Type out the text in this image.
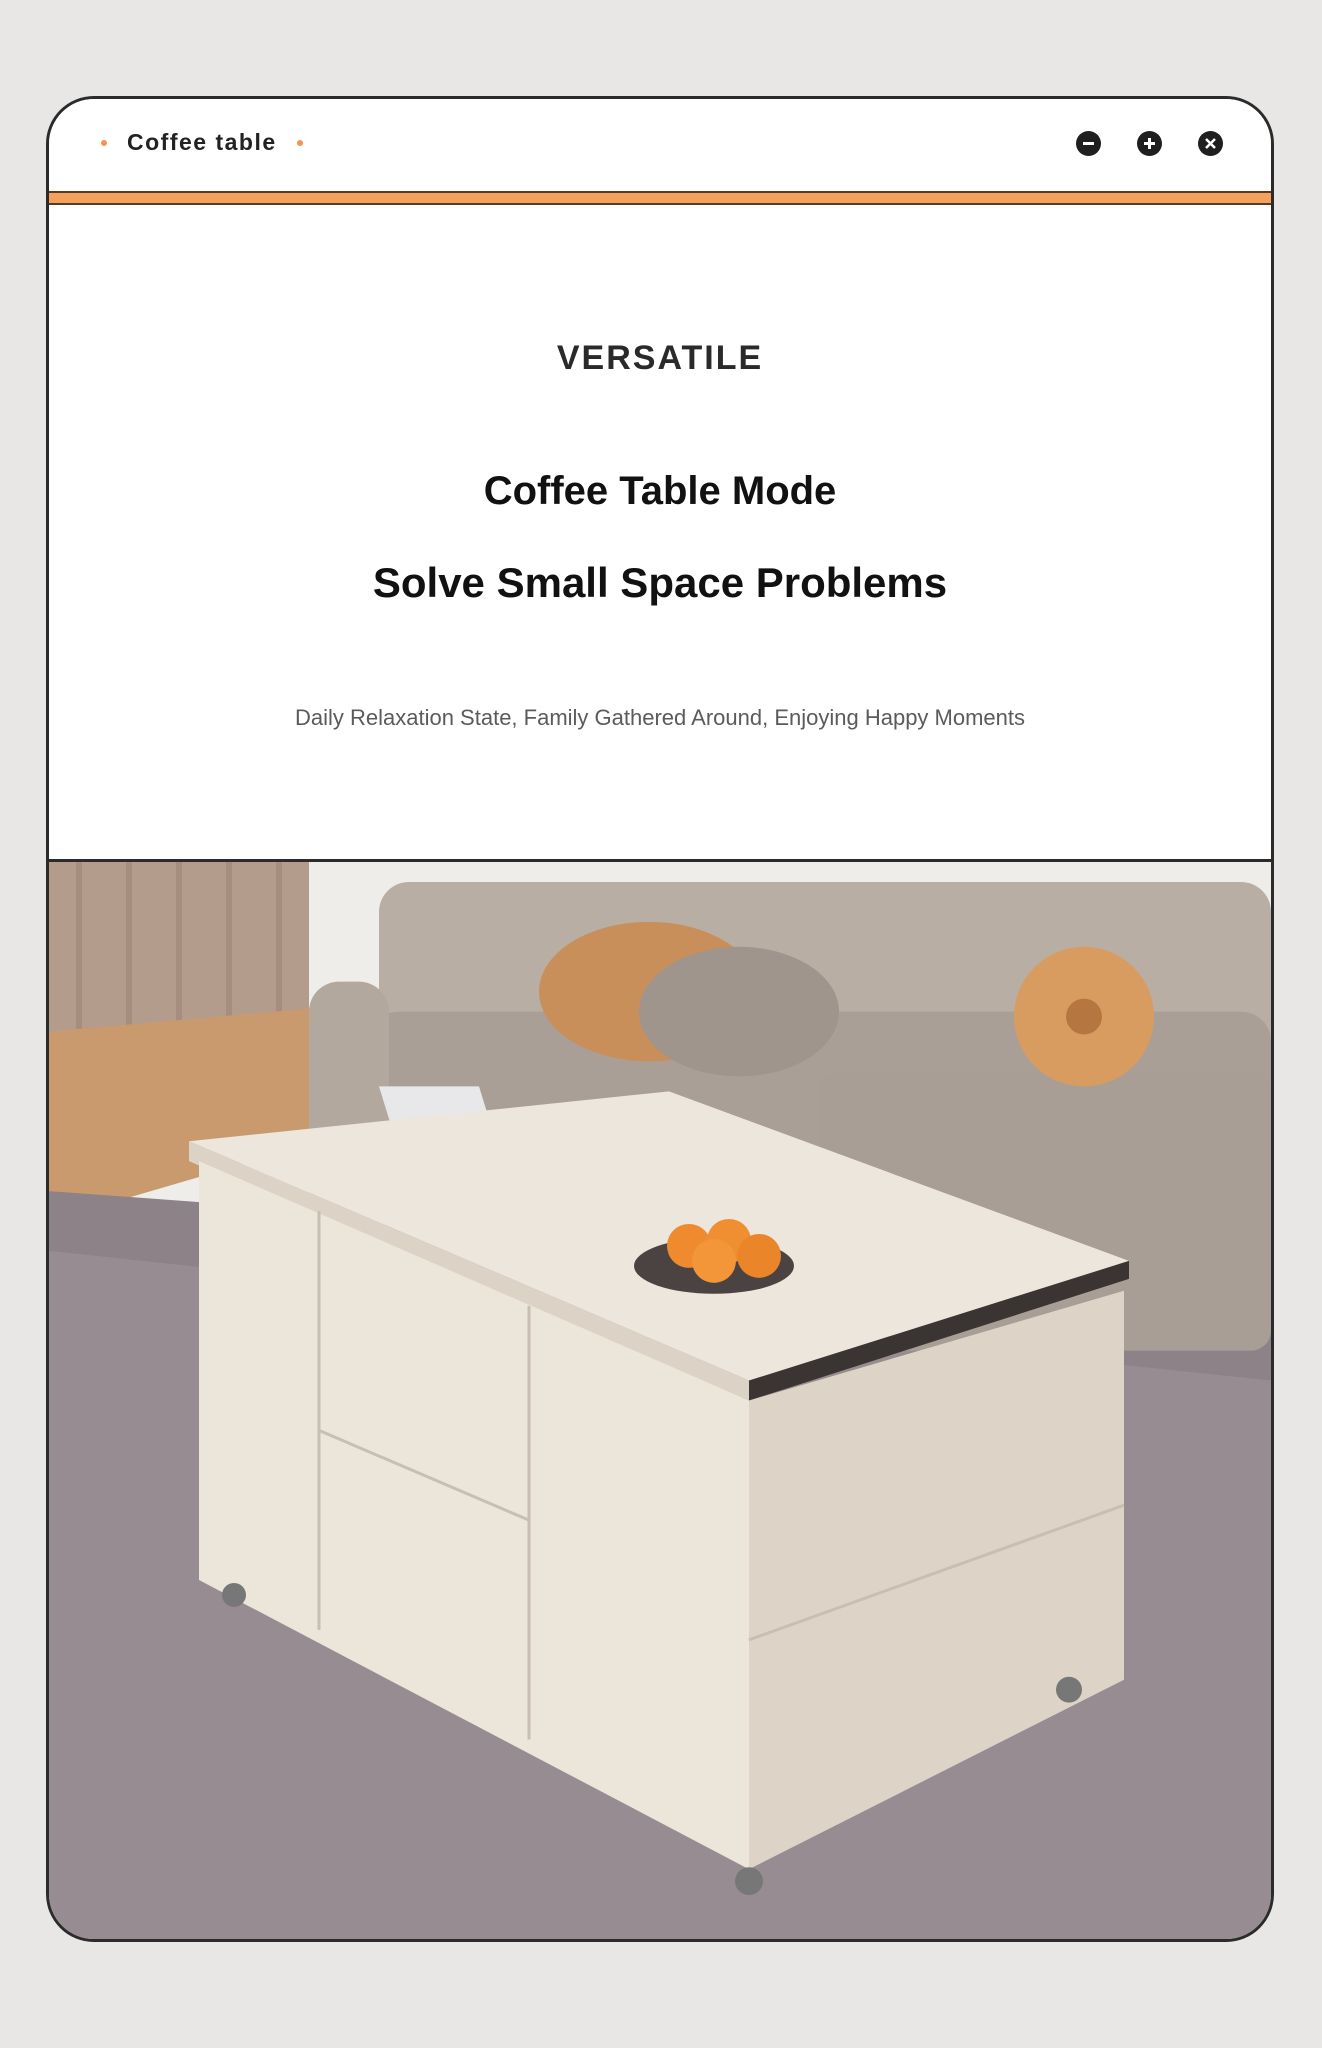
Coffee table
VERSATILE
Coffee Table Mode
Solve Small Space Problems
Daily Relaxation State, Family Gathered Around, Enjoying Happy Moments
